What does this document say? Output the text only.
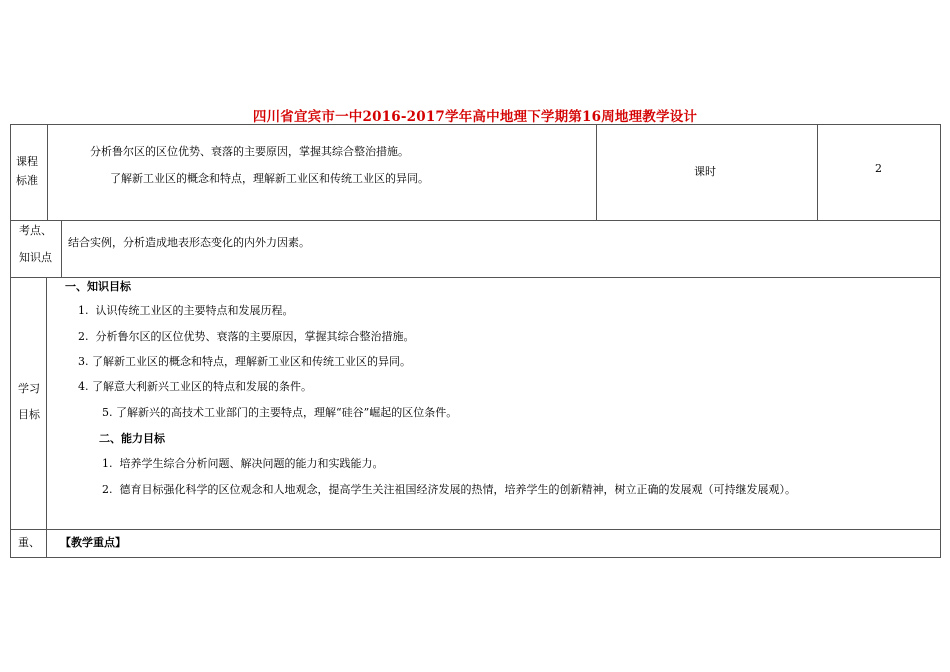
四川省宜宾市一中2016-2017学年高中地理下学期第16周地理教学设计
课程
标准
分析鲁尔区的区位优势、衰落的主要原因，掌握其综合整治措施。
了解新工业区的概念和特点，理解新工业区和传统工业区的异同。
课时	2
考点、
知识点
结合实例，分析造成地表形态变化的内外力因素。
学习
目标
一、知识目标
1. 认识传统工业区的主要特点和发展历程。
2. 分析鲁尔区的区位优势、衰落的主要原因，掌握其综合整治措施。
3. 了解新工业区的概念和特点，理解新工业区和传统工业区的异同。
4. 了解意大利新兴工业区的特点和发展的条件。
5. 了解新兴的高技术工业部门的主要特点，理解“硅谷”崛起的区位条件。
二、能力目标
1. 培养学生综合分析问题、解决问题的能力和实践能力。
2. 德育目标强化科学的区位观念和人地观念，提高学生关注祖国经济发展的热情，培养学生的创新精神，树立正确的发展观（可持继发展观）。
重、 【教学重点】
